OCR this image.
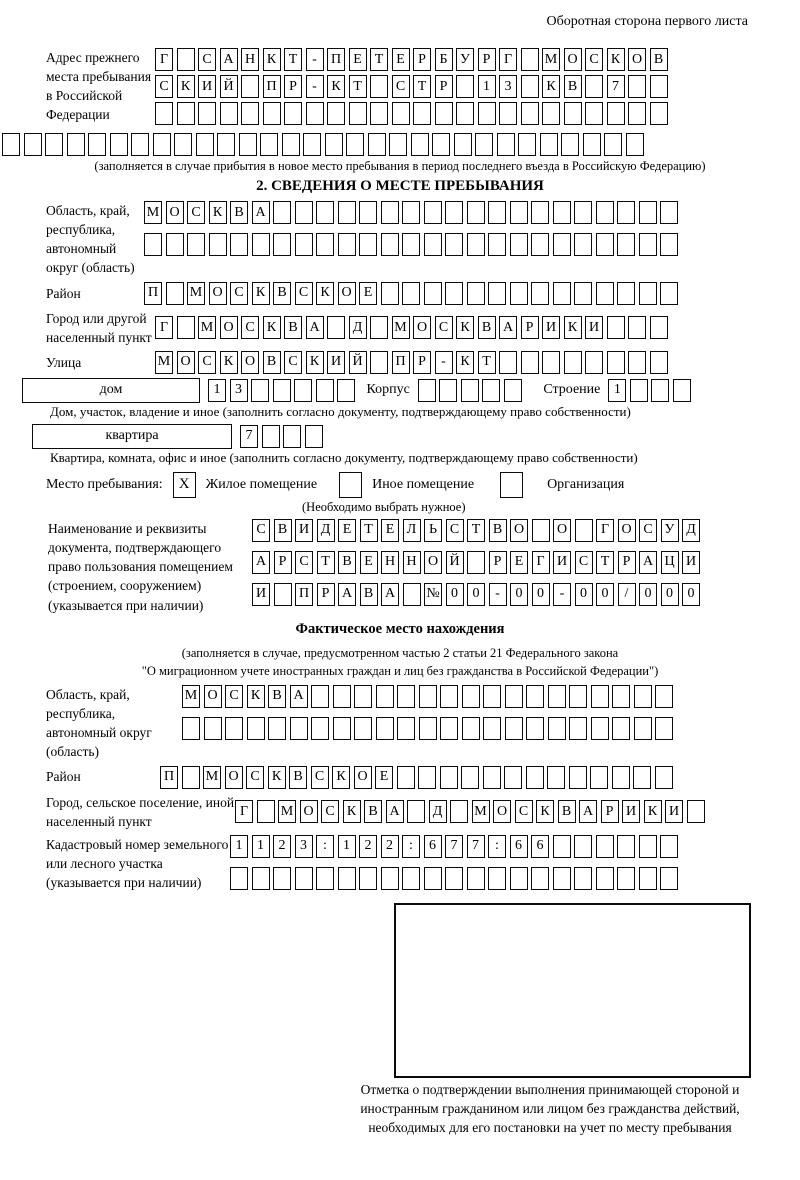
Оборотная сторона первого листа
Адрес прежнего места пребывания в Российской Федерации
Г	С А Н К Т	-	П Е Т Е Р Б У Р Г	М О С К О В
С К И Й П Р	-	К Т	С Т Р	1	3	К В	7
(заполняется в случае прибытия в новое место пребывания в период последнего въезда в Российскую Федерацию)
2. СВЕДЕНИЯ О МЕСТЕ ПРЕБЫВАНИЯ
Область, край, республика, автономный округ (область)
М О С К В А
Район	П М О С К В С К О Е
Город или другой населенный пункт
Г	М О С К В А	Д	М О С К В А Р И К И
Улица	М О С К О В С К И Й П Р	-	К Т
дом	1	3	Корпус	Строение 1
Дом, участок, владение и иное (заполнить согласно документу, подтверждающему право собственности)
квартира	7
Квартира, комната, офис и иное (заполнить согласно документу, подтверждающему право собственности)
Место пребывания:	X	Жилое помещение	Иное помещение	Организация
(Необходимо выбрать нужное)
Наименование и реквизиты документа, подтверждающего право пользования помещением (строением, сооружением) (указывается при наличии)
С В И Д Е Т Е Л Ь С Т В О О	Г О С У Д
А Р С Т В Е Н Н О Й	Р Е Г И С Т Р А Ц И
И П Р А В А № 0	0	-	0	0	-	0	0	/	0	0	0
Фактическое место нахождения
(заполняется в случае, предусмотренном частью 2 статьи 21 Федерального закона
"О миграционном учете иностранных граждан и лиц без гражданства в Российской Федерации")
Область, край, республика, автономный округ (область)
М О С К В А
Район	П М О С К В С К О Е
Город, сельское поселение, иной населенный пункт
Г	М О С К В А	Д	М О С К В А Р И К И
Кадастровый номер земельного или лесного участка (указывается при наличии)
1	1	2	3	:	1	2	2	:	6	7	7	:	6	6
Отметка о подтверждении выполнения принимающей стороной и иностранным гражданином или лицом без гражданства действий, необходимых для его постановки на учет по месту пребывания
